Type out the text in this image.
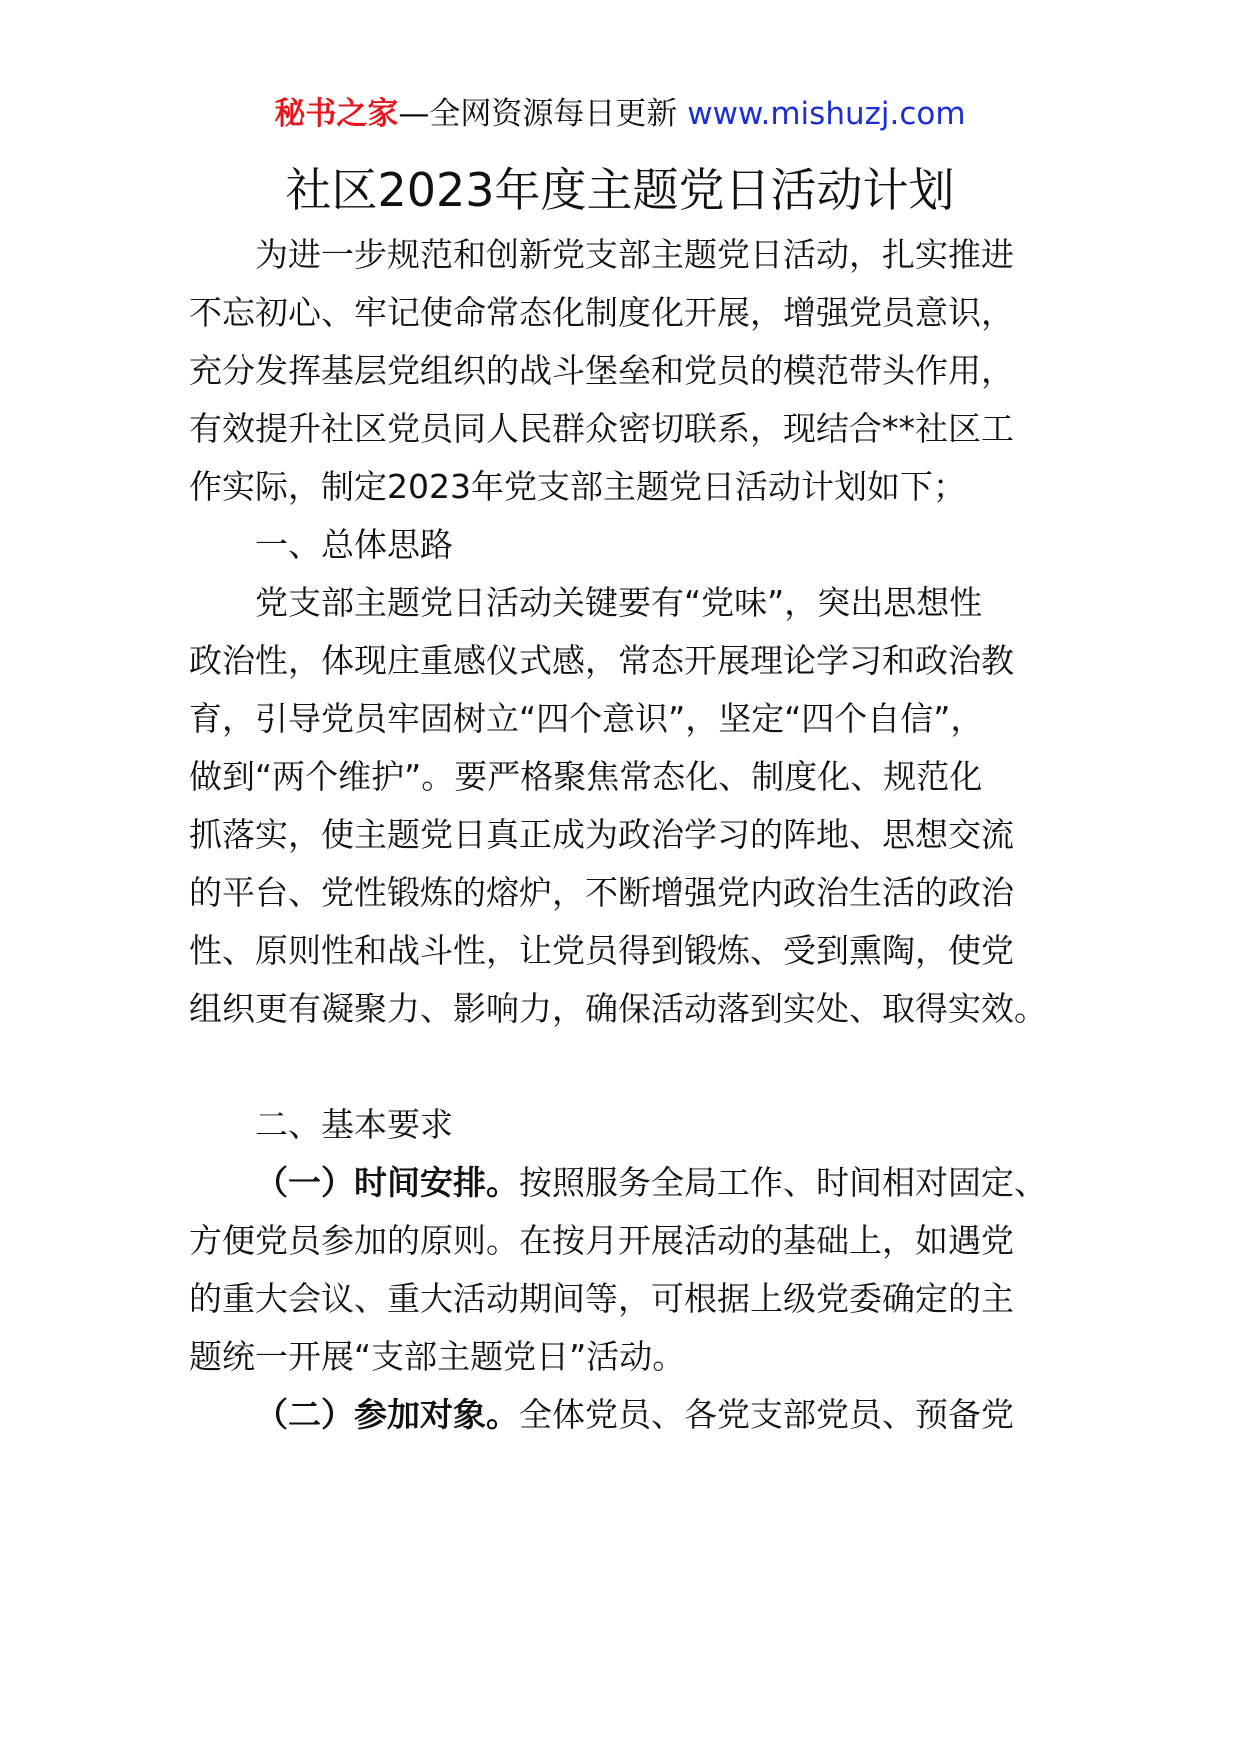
秘书之家—全网资源每日更新 www.mishuzj.com
社区2023年度主题党日活动计划
为进一步规范和创新党支部主题党日活动，扎实推进
不忘初心、牢记使命常态化制度化开展，增强党员意识，
充分发挥基层党组织的战斗堡垒和党员的模范带头作用，
有效提升社区党员同人民群众密切联系，现结合**社区工
作实际，制定2023年党支部主题党日活动计划如下；
一、总体思路
党支部主题党日活动关键要有“党味”，突出思想性
政治性，体现庄重感仪式感，常态开展理论学习和政治教
育，引导党员牢固树立“四个意识”，坚定“四个自信”，
做到“两个维护”。要严格聚焦常态化、制度化、规范化
抓落实，使主题党日真正成为政治学习的阵地、思想交流
的平台、党性锻炼的熔炉，不断增强党内政治生活的政治
性、原则性和战斗性，让党员得到锻炼、受到熏陶，使党
组织更有凝聚力、影响力，确保活动落到实处、取得实效。
二、基本要求
（一）时间安排。按照服务全局工作、时间相对固定、
方便党员参加的原则。在按月开展活动的基础上，如遇党
的重大会议、重大活动期间等，可根据上级党委确定的主
题统一开展“支部主题党日”活动。
（二）参加对象。全体党员、各党支部党员、预备党
